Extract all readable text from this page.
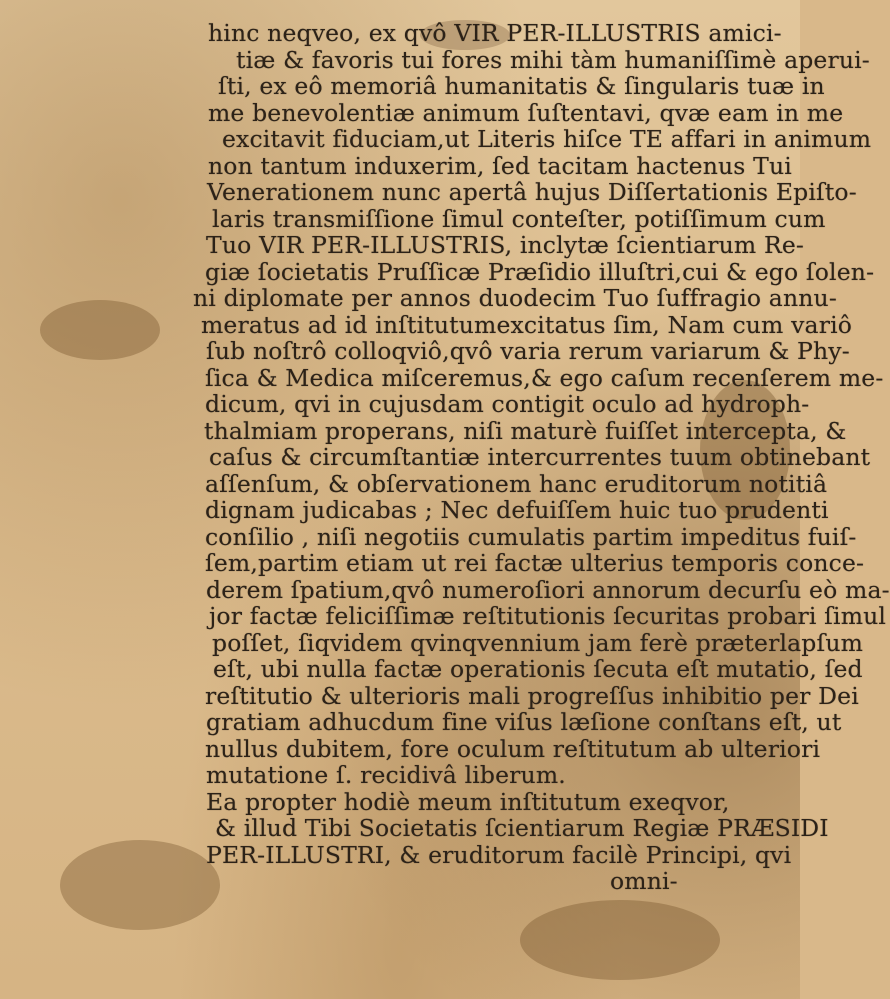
hinc neqveo, ex qvô VIR PER-ILLUSTRIS amici-
tiæ & favoris tui fores mihi tàm humaniſſimè aperui-
ſti, ex eô memoriâ humanitatis & ſingularis tuæ in
me benevolentiæ animum ſuſtentavi, qvæ eam in me
excitavit fiduciam,ut Literis hiſce TE affari in animum
non tantum induxerim, ſed tacitam hactenus Tui
Venerationem nunc apertâ hujus Diſſertationis Epiſto-
laris transmiſſione ſimul conteſter, potiſſimum cum
Tuo VIR PER-ILLUSTRIS, inclytæ ſcientiarum Re-
giæ ſocietatis Pruſſicæ Præſidio illuſtri,cui & ego ſolen-
ni diplomate per annos duodecim Tuo ſuffragio annu-
meratus ad id inſtitutumexcitatus ſim, Nam cum variô
ſub noſtrô colloqviô,qvô varia rerum variarum & Phy-
ſica & Medica miſceremus,& ego caſum recenſerem me-
dicum, qvi in cujusdam contigit oculo ad hydroph-
thalmiam properans, niſi maturè fuiſſet intercepta, &
caſus & circumſtantiæ intercurrentes tuum obtinebant
aſſenſum, & obſervationem hanc eruditorum notitiâ
dignam judicabas ; Nec defuiſſem huic tuo prudenti
conſilio , niſi negotiis cumulatis partim impeditus fuiſ-
ſem,partim etiam ut rei factæ ulterius temporis conce-
derem ſpatium,qvô numeroſiori annorum decurſu eò ma-
jor factæ feliciſſimæ reſtitutionis ſecuritas probari ſimul
poſſet, ſiqvidem qvinqvennium jam ferè præterlapſum
eſt, ubi nulla factæ operationis ſecuta eſt mutatio, ſed
reſtitutio & ulterioris mali progreſſus inhibitio per Dei
gratiam adhucdum fine viſus læſione conſtans eſt, ut
nullus dubitem, fore oculum reſtitutum ab ulteriori
mutatione ſ. recidivâ liberum.
Ea propter hodiè meum inſtitutum exeqvor,
& illud Tibi Societatis ſcientiarum Regiæ PRÆSIDI
PER-ILLUSTRI, & eruditorum facilè Principi, qvi
omni-
